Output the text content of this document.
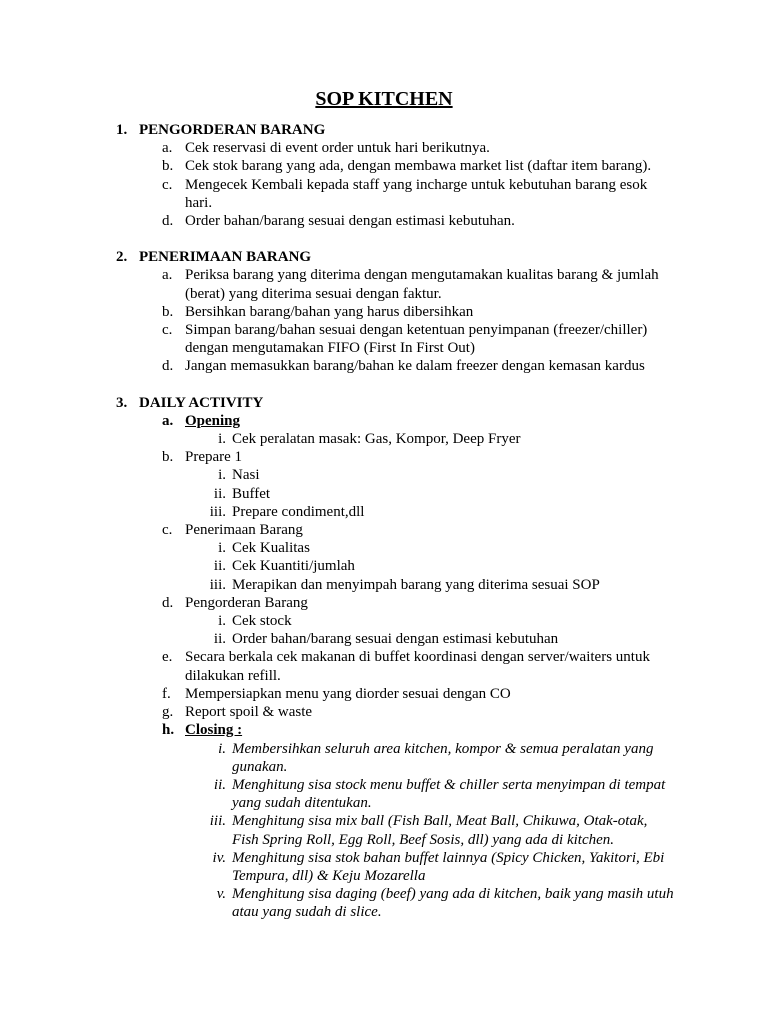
SOP KITCHEN
1. PENGORDERAN BARANG
a. Cek reservasi di event order untuk hari berikutnya.
b. Cek stok barang yang ada, dengan membawa market list (daftar item barang).
c. Mengecek Kembali kepada staff yang incharge untuk kebutuhan barang esok hari.
d. Order bahan/barang sesuai dengan estimasi kebutuhan.
2. PENERIMAAN BARANG
a. Periksa barang yang diterima dengan mengutamakan kualitas barang & jumlah (berat) yang diterima sesuai dengan faktur.
b. Bersihkan barang/bahan yang harus dibersihkan
c. Simpan barang/bahan sesuai dengan ketentuan penyimpanan (freezer/chiller) dengan mengutamakan FIFO (First In First Out)
d. Jangan memasukkan barang/bahan ke dalam freezer dengan kemasan kardus
3. DAILY ACTIVITY
a. Opening
i. Cek peralatan masak: Gas, Kompor, Deep Fryer
b. Prepare 1
i. Nasi
ii. Buffet
iii. Prepare condiment,dll
c. Penerimaan Barang
i. Cek Kualitas
ii. Cek Kuantiti/jumlah
iii. Merapikan dan menyimpah barang yang diterima sesuai SOP
d. Pengorderan Barang
i. Cek stock
ii. Order bahan/barang sesuai dengan estimasi kebutuhan
e. Secara berkala cek makanan di buffet koordinasi dengan server/waiters untuk dilakukan refill.
f. Mempersiapkan menu yang diorder sesuai dengan CO
g. Report spoil & waste
h. Closing :
i. Membersihkan seluruh area kitchen, kompor & semua peralatan yang gunakan.
ii. Menghitung sisa stock menu buffet & chiller serta menyimpan di tempat yang sudah ditentukan.
iii. Menghitung sisa mix ball (Fish Ball, Meat Ball, Chikuwa, Otak-otak, Fish Spring Roll, Egg Roll, Beef Sosis, dll) yang ada di kitchen.
iv. Menghitung sisa stok bahan buffet lainnya (Spicy Chicken, Yakitori, Ebi Tempura, dll) & Keju Mozarella
v. Menghitung sisa daging (beef) yang ada di kitchen, baik yang masih utuh atau yang sudah di slice.
